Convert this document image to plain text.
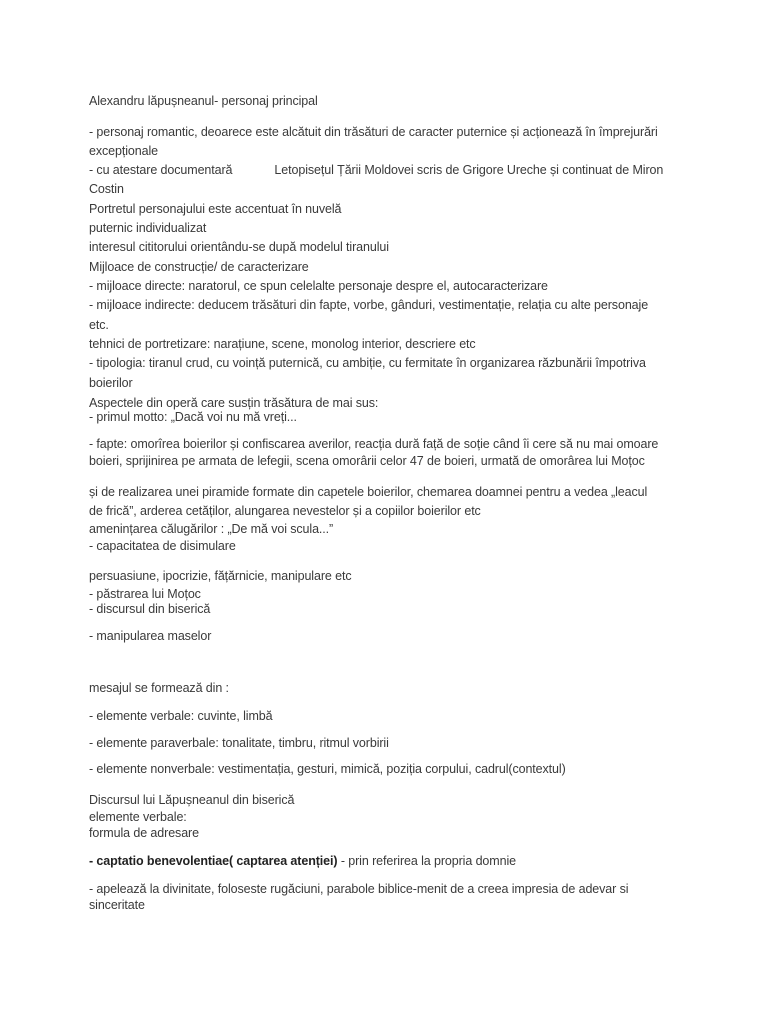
Alexandru lăpușneanul- personaj principal
- personaj romantic, deoarece este alcătuit din trăsături de caracter puternice și acționează în împrejurări
excepționale
- cu atestare documentară	Letopisețul Țării Moldovei scris de Grigore Ureche și continuat de Miron
Costin
Portretul personajului este accentuat în nuvelă
puternic individualizat
interesul cititorului orientându-se după modelul tiranului
Mijloace de construcție/ de caracterizare
- mijloace directe: naratorul, ce spun celelalte personaje despre el, autocaracterizare
- mijloace indirecte: deducem trăsături din fapte, vorbe, gânduri, vestimentație, relația cu alte personaje
etc.
tehnici de portretizare: narațiune, scene, monolog interior, descriere etc
- tipologia: tiranul crud, cu voință puternică, cu ambiție, cu fermitate în organizarea răzbunării împotriva
boierilor
Aspectele din operă care susțin trăsătura de mai sus:
- primul motto: „Dacă voi nu mă vreți...
- fapte: omorîrea boierilor și confiscarea averilor, reacția dură față de soție când îi cere să nu mai omoare
boieri, sprijinirea pe armata de lefegii, scena omorârii celor 47 de boieri, urmată de omorârea lui Moțoc
și de realizarea unei piramide formate din capetele boierilor, chemarea doamnei pentru a vedea „leacul
de frică”, arderea cetăților, alungarea nevestelor și a copiilor boierilor etc
amenințarea călugărilor : „De mă voi scula...”
- capacitatea de disimulare
persuasiune, ipocrizie, fățărnicie, manipulare etc
- păstrarea lui Moțoc
- discursul din biserică
- manipularea maselor
mesajul se formează din :
- elemente verbale: cuvinte, limbă
- elemente paraverbale: tonalitate, timbru, ritmul vorbirii
- elemente nonverbale: vestimentația, gesturi, mimică, poziția corpului, cadrul(contextul)
Discursul lui Lăpușneanul din biserică
elemente verbale:
formula de adresare
- captatio benevolentiae( captarea atenției) - prin referirea la propria domnie
- apelează la divinitate, foloseste rugăciuni, parabole biblice-menit de a creea impresia de adevar si
sinceritate
